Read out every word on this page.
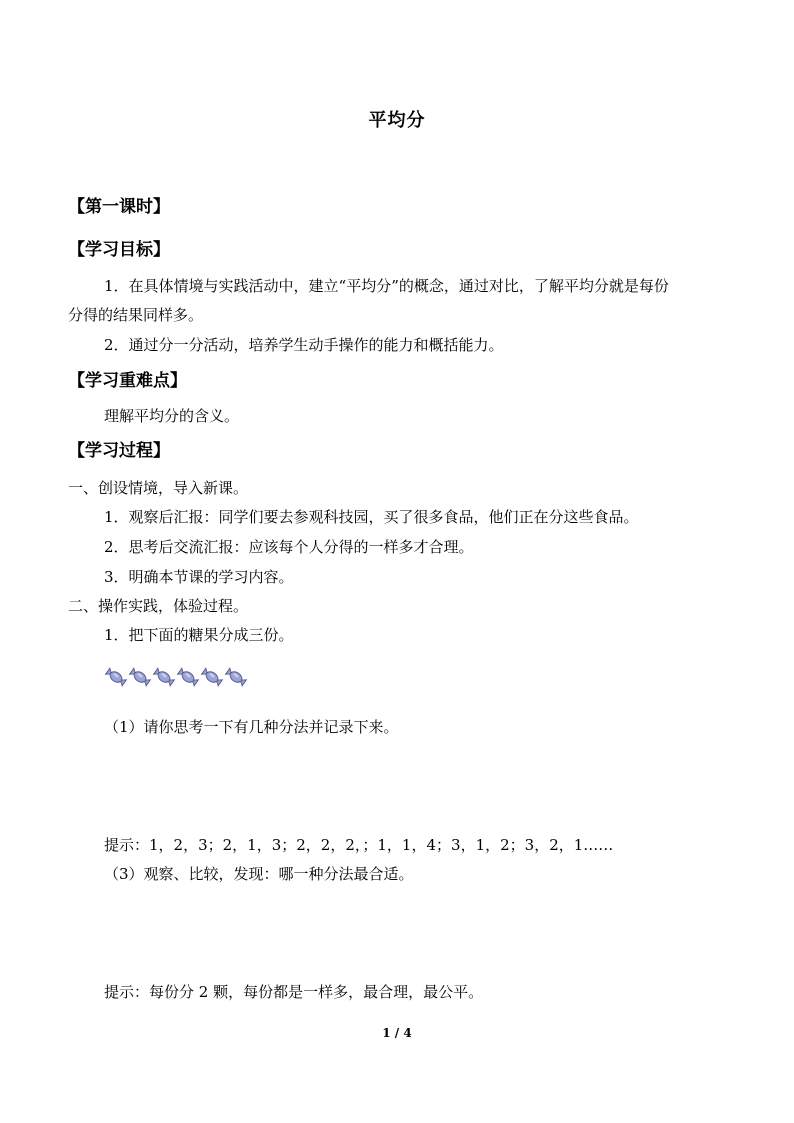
平均分
【第一课时】
【学习目标】
1．在具体情境与实践活动中，建立“平均分”的概念，通过对比，了解平均分就是每份
分得的结果同样多。
2．通过分一分活动，培养学生动手操作的能力和概括能力。
【学习重难点】
理解平均分的含义。
【学习过程】
一、创设情境，导入新课。
1．观察后汇报：同学们要去参观科技园，买了很多食品，他们正在分这些食品。
2．思考后交流汇报：应该每个人分得的一样多才合理。
3．明确本节课的学习内容。
二、操作实践，体验过程。
1．把下面的糖果分成三份。
（1）请你思考一下有几种分法并记录下来。
提示：1，2，3；2，1，3；2，2，2，；1，1，4；3，1，2；3，2，1……
（3）观察、比较，发现：哪一种分法最合适。
提示：每份分 2 颗，每份都是一样多，最合理，最公平。
1 / 4
